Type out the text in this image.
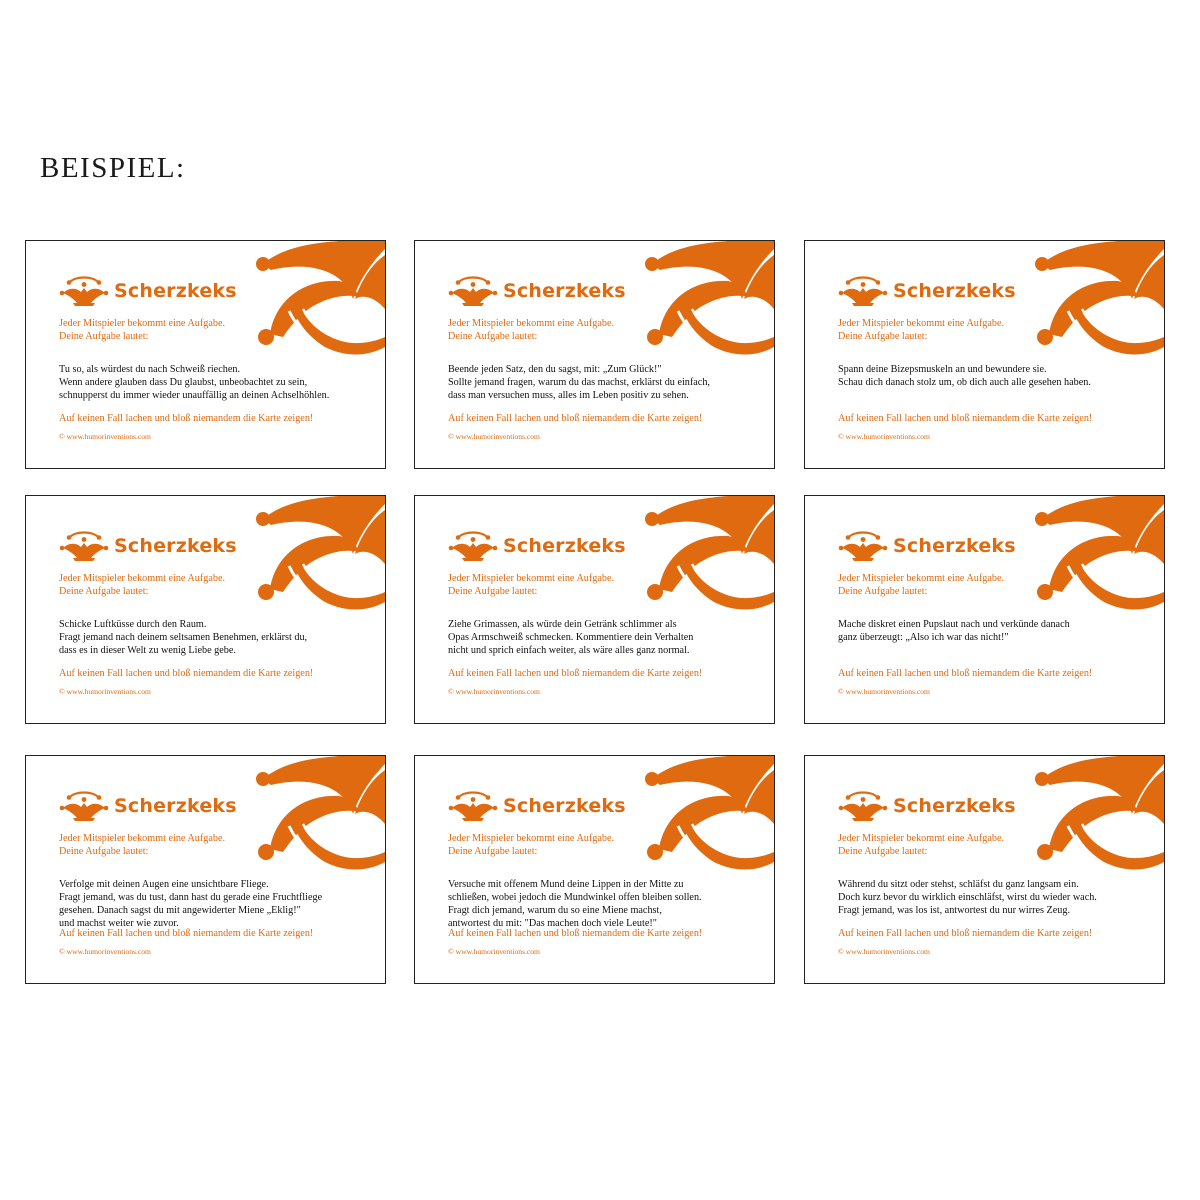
BEISPIEL:
Scherzkeks
Jeder Mitspieler bekommt eine Aufgabe.
Deine Aufgabe lautet:
Tu so, als würdest du nach Schweiß riechen.
Wenn andere glauben dass Du glaubst, unbeobachtet zu sein,
schnupperst du immer wieder unauffällig an deinen Achselhöhlen.
Auf keinen Fall lachen und bloß niemandem die Karte zeigen!
© www.humorinventions.com
Scherzkeks
Jeder Mitspieler bekommt eine Aufgabe.
Deine Aufgabe lautet:
Beende jeden Satz, den du sagst, mit: „Zum Glück!"
Sollte jemand fragen, warum du das machst, erklärst du einfach,
dass man versuchen muss, alles im Leben positiv zu sehen.
Auf keinen Fall lachen und bloß niemandem die Karte zeigen!
© www.humorinventions.com
Scherzkeks
Jeder Mitspieler bekommt eine Aufgabe.
Deine Aufgabe lautet:
Spann deine Bizepsmuskeln an und bewundere sie.
Schau dich danach stolz um, ob dich auch alle gesehen haben.
Auf keinen Fall lachen und bloß niemandem die Karte zeigen!
© www.humorinventions.com
Scherzkeks
Jeder Mitspieler bekommt eine Aufgabe.
Deine Aufgabe lautet:
Schicke Luftküsse durch den Raum.
Fragt jemand nach deinem seltsamen Benehmen, erklärst du,
dass es in dieser Welt zu wenig Liebe gebe.
Auf keinen Fall lachen und bloß niemandem die Karte zeigen!
© www.humorinventions.com
Scherzkeks
Jeder Mitspieler bekommt eine Aufgabe.
Deine Aufgabe lautet:
Ziehe Grimassen, als würde dein Getränk schlimmer als
Opas Armschweiß schmecken. Kommentiere dein Verhalten
nicht und sprich einfach weiter, als wäre alles ganz normal.
Auf keinen Fall lachen und bloß niemandem die Karte zeigen!
© www.humorinventions.com
Scherzkeks
Jeder Mitspieler bekommt eine Aufgabe.
Deine Aufgabe lautet:
Mache diskret einen Pupslaut nach und verkünde danach
ganz überzeugt: „Also ich war das nicht!"
Auf keinen Fall lachen und bloß niemandem die Karte zeigen!
© www.humorinventions.com
Scherzkeks
Jeder Mitspieler bekommt eine Aufgabe.
Deine Aufgabe lautet:
Verfolge mit deinen Augen eine unsichtbare Fliege.
Fragt jemand, was du tust, dann hast du gerade eine Fruchtfliege
gesehen. Danach sagst du mit angewiderter Miene „Eklig!"
und machst weiter wie zuvor.
Auf keinen Fall lachen und bloß niemandem die Karte zeigen!
© www.humorinventions.com
Scherzkeks
Jeder Mitspieler bekommt eine Aufgabe.
Deine Aufgabe lautet:
Versuche mit offenem Mund deine Lippen in der Mitte zu
schließen, wobei jedoch die Mundwinkel offen bleiben sollen.
Fragt dich jemand, warum du so eine Miene machst,
antwortest du mit: "Das machen doch viele Leute!"
Auf keinen Fall lachen und bloß niemandem die Karte zeigen!
© www.humorinventions.com
Scherzkeks
Jeder Mitspieler bekommt eine Aufgabe.
Deine Aufgabe lautet:
Während du sitzt oder stehst, schläfst du ganz langsam ein.
Doch kurz bevor du wirklich einschläfst, wirst du wieder wach.
Fragt jemand, was los ist, antwortest du nur wirres Zeug.
Auf keinen Fall lachen und bloß niemandem die Karte zeigen!
© www.humorinventions.com
